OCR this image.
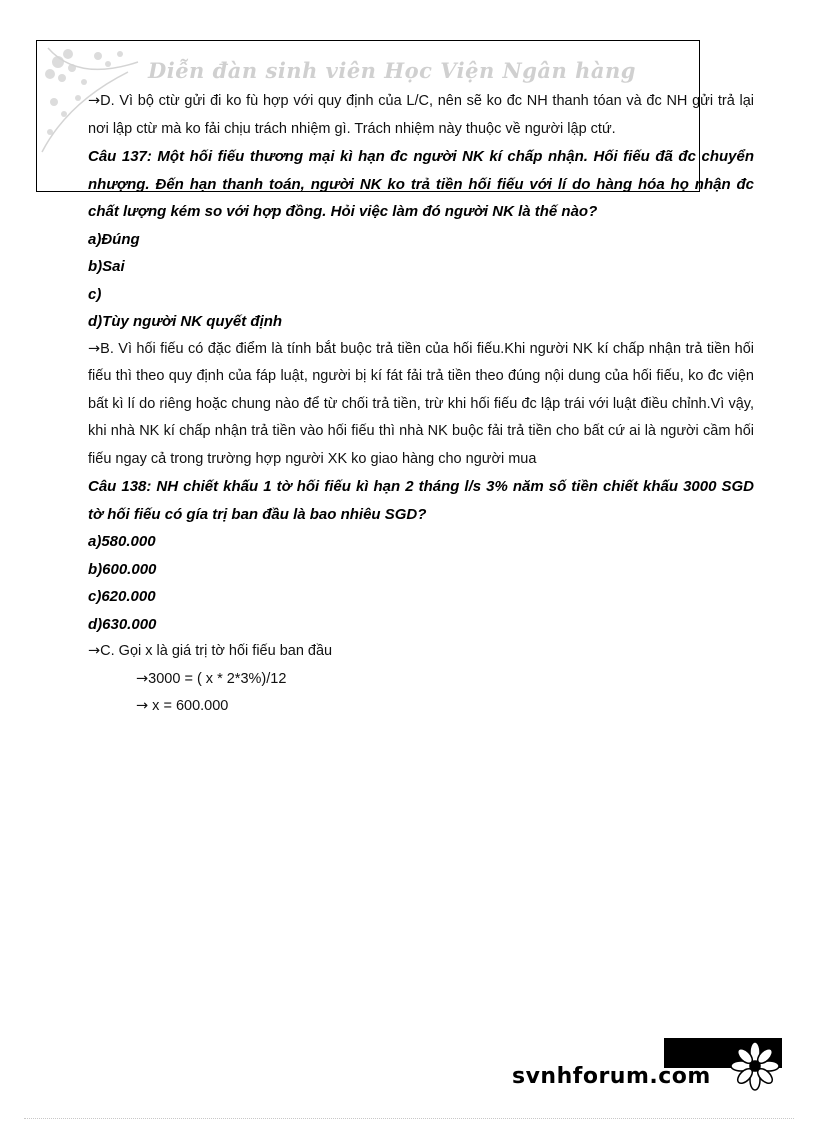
Diễn đàn sinh viên Học Viện Ngân hàng

→D. Vì bộ ctừ gửi đi ko fù hợp với quy định của L/C, nên sẽ ko đc NH thanh tóan và đc NH gửi trả lại nơi lập ctừ mà ko fải chịu trách nhiệm gì. Trách nhiệm này thuộc về người lập ctứ.

Câu 137: Một hối fiếu thương mại kì hạn đc người NK kí chấp nhận. Hối fiếu đã đc chuyển nhượng. Đến hạn thanh toán, người NK ko trả tiền hối fiếu với lí do hàng hóa họ nhận đc chất lượng kém so với hợp đồng. Hỏi việc làm đó người NK là thế nào?

a)Đúng

b)Sai

c)

d)Tùy người NK quyết định

→B. Vì hối fiếu có đặc điểm là tính bắt buộc trả tiền của hối fiếu.Khi người NK kí chấp nhận trả tiền hối fiếu thì theo quy định của fáp luật, người bị kí fát fải trả tiền theo đúng nội dung của hối fiếu, ko đc viện bất kì lí do riêng hoặc chung nào để từ chối trả tiền, trừ khi hối fiếu đc lập trái với luật điều chỉnh.Vì vậy, khi nhà NK kí chấp nhận trả tiền vào hối fiếu thì nhà NK buộc fải trả tiền cho bất cứ ai là người cầm hối fiếu ngay cả trong trường hợp người XK ko giao hàng cho người mua

Câu 138: NH chiết khấu 1 tờ hối fiếu kì hạn 2 tháng l/s 3% năm số tiền chiết khấu 3000 SGD tờ hối fiếu có gía trị ban đầu là bao nhiêu SGD?

a)580.000

b)600.000

c)620.000

d)630.000

→C. Gọi x là giá trị tờ hối fiếu ban đầu

→3000 = ( x * 2*3%)/12

→ x = 600.000

svnhforum.com
